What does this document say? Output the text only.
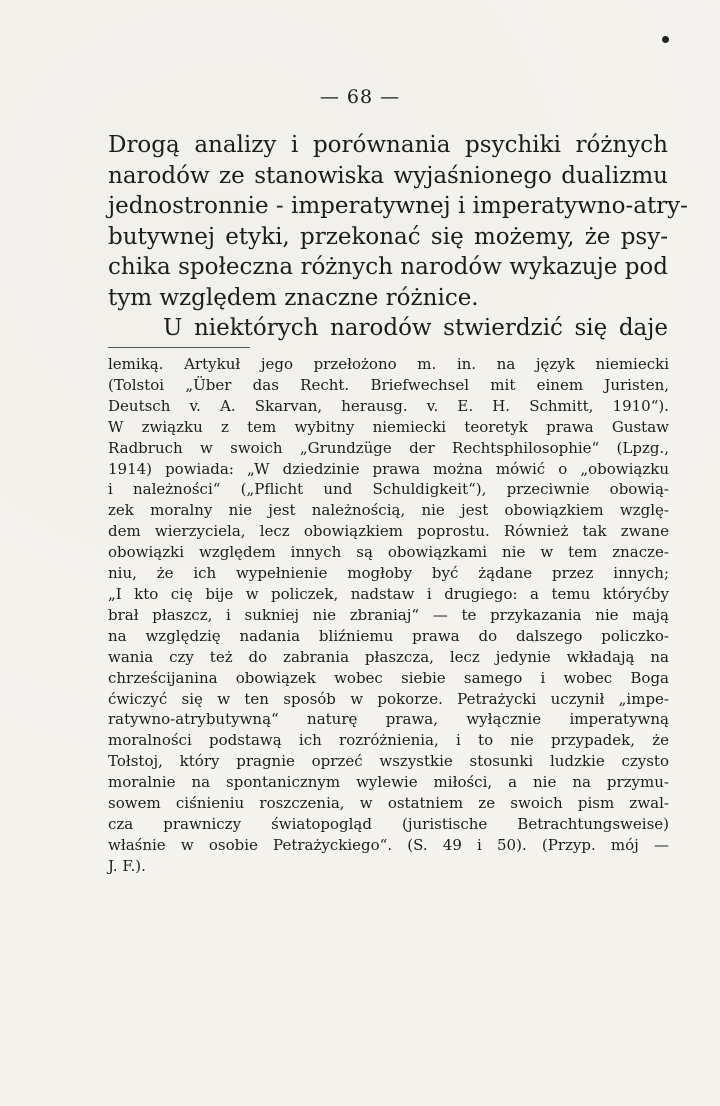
— 68 —
Drogą analizy i porównania psychiki różnych
narodów ze stanowiska wyjaśnionego dualizmu
jednostronnie - imperatywnej i imperatywno-atry-
butywnej etyki, przekonać się możemy, że psy-
chika społeczna różnych narodów wykazuje pod
tym względem znaczne różnice.
U niektórych narodów stwierdzić się daje
lemiką. Artykuł jego przełożono m. in. na język niemiecki
(Tolstoi „Über das Recht. Briefwechsel mit einem Juristen,
Deutsch v. A. Skarvan, herausg. v. E. H. Schmitt, 1910“).
W związku z tem wybitny niemiecki teoretyk prawa Gustaw
Radbruch w swoich „Grundzüge der Rechtsphilosophie“ (Lpzg.,
1914) powiada: „W dziedzinie prawa można mówić o „obowiązku
i należności“ („Pflicht und Schuldigkeit“), przeciwnie obowią-
zek moralny nie jest należnością, nie jest obowiązkiem wzglę-
dem wierzyciela, lecz obowiązkiem poprostu. Również tak zwane
obowiązki względem innych są obowiązkami nie w tem znacze-
niu, że ich wypełnienie mogłoby być żądane przez innych;
„I kto cię bije w policzek, nadstaw i drugiego: a temu któryćby
brał płaszcz, i sukniej nie zbraniaj“ — te przykazania nie mają
na względzię nadania bliźniemu prawa do dalszego policzko-
wania czy też do zabrania płaszcza, lecz jedynie wkładają na
chrześcijanina obowiązek wobec siebie samego i wobec Boga
ćwiczyć się w ten sposób w pokorze. Petrażycki uczynił „impe-
ratywno-atrybutywną“ naturę prawa, wyłącznie imperatywną
moralności podstawą ich rozróżnienia, i to nie przypadek, że
Tołstoj, który pragnie oprzeć wszystkie stosunki ludzkie czysto
moralnie na spontanicznym wylewie miłości, a nie na przymu-
sowem ciśnieniu roszczenia, w ostatniem ze swoich pism zwal-
cza prawniczy światopogląd (juristische Betrachtungsweise)
właśnie w osobie Petrażyckiego“. (S. 49 i 50). (Przyp. mój —
J. F.).
